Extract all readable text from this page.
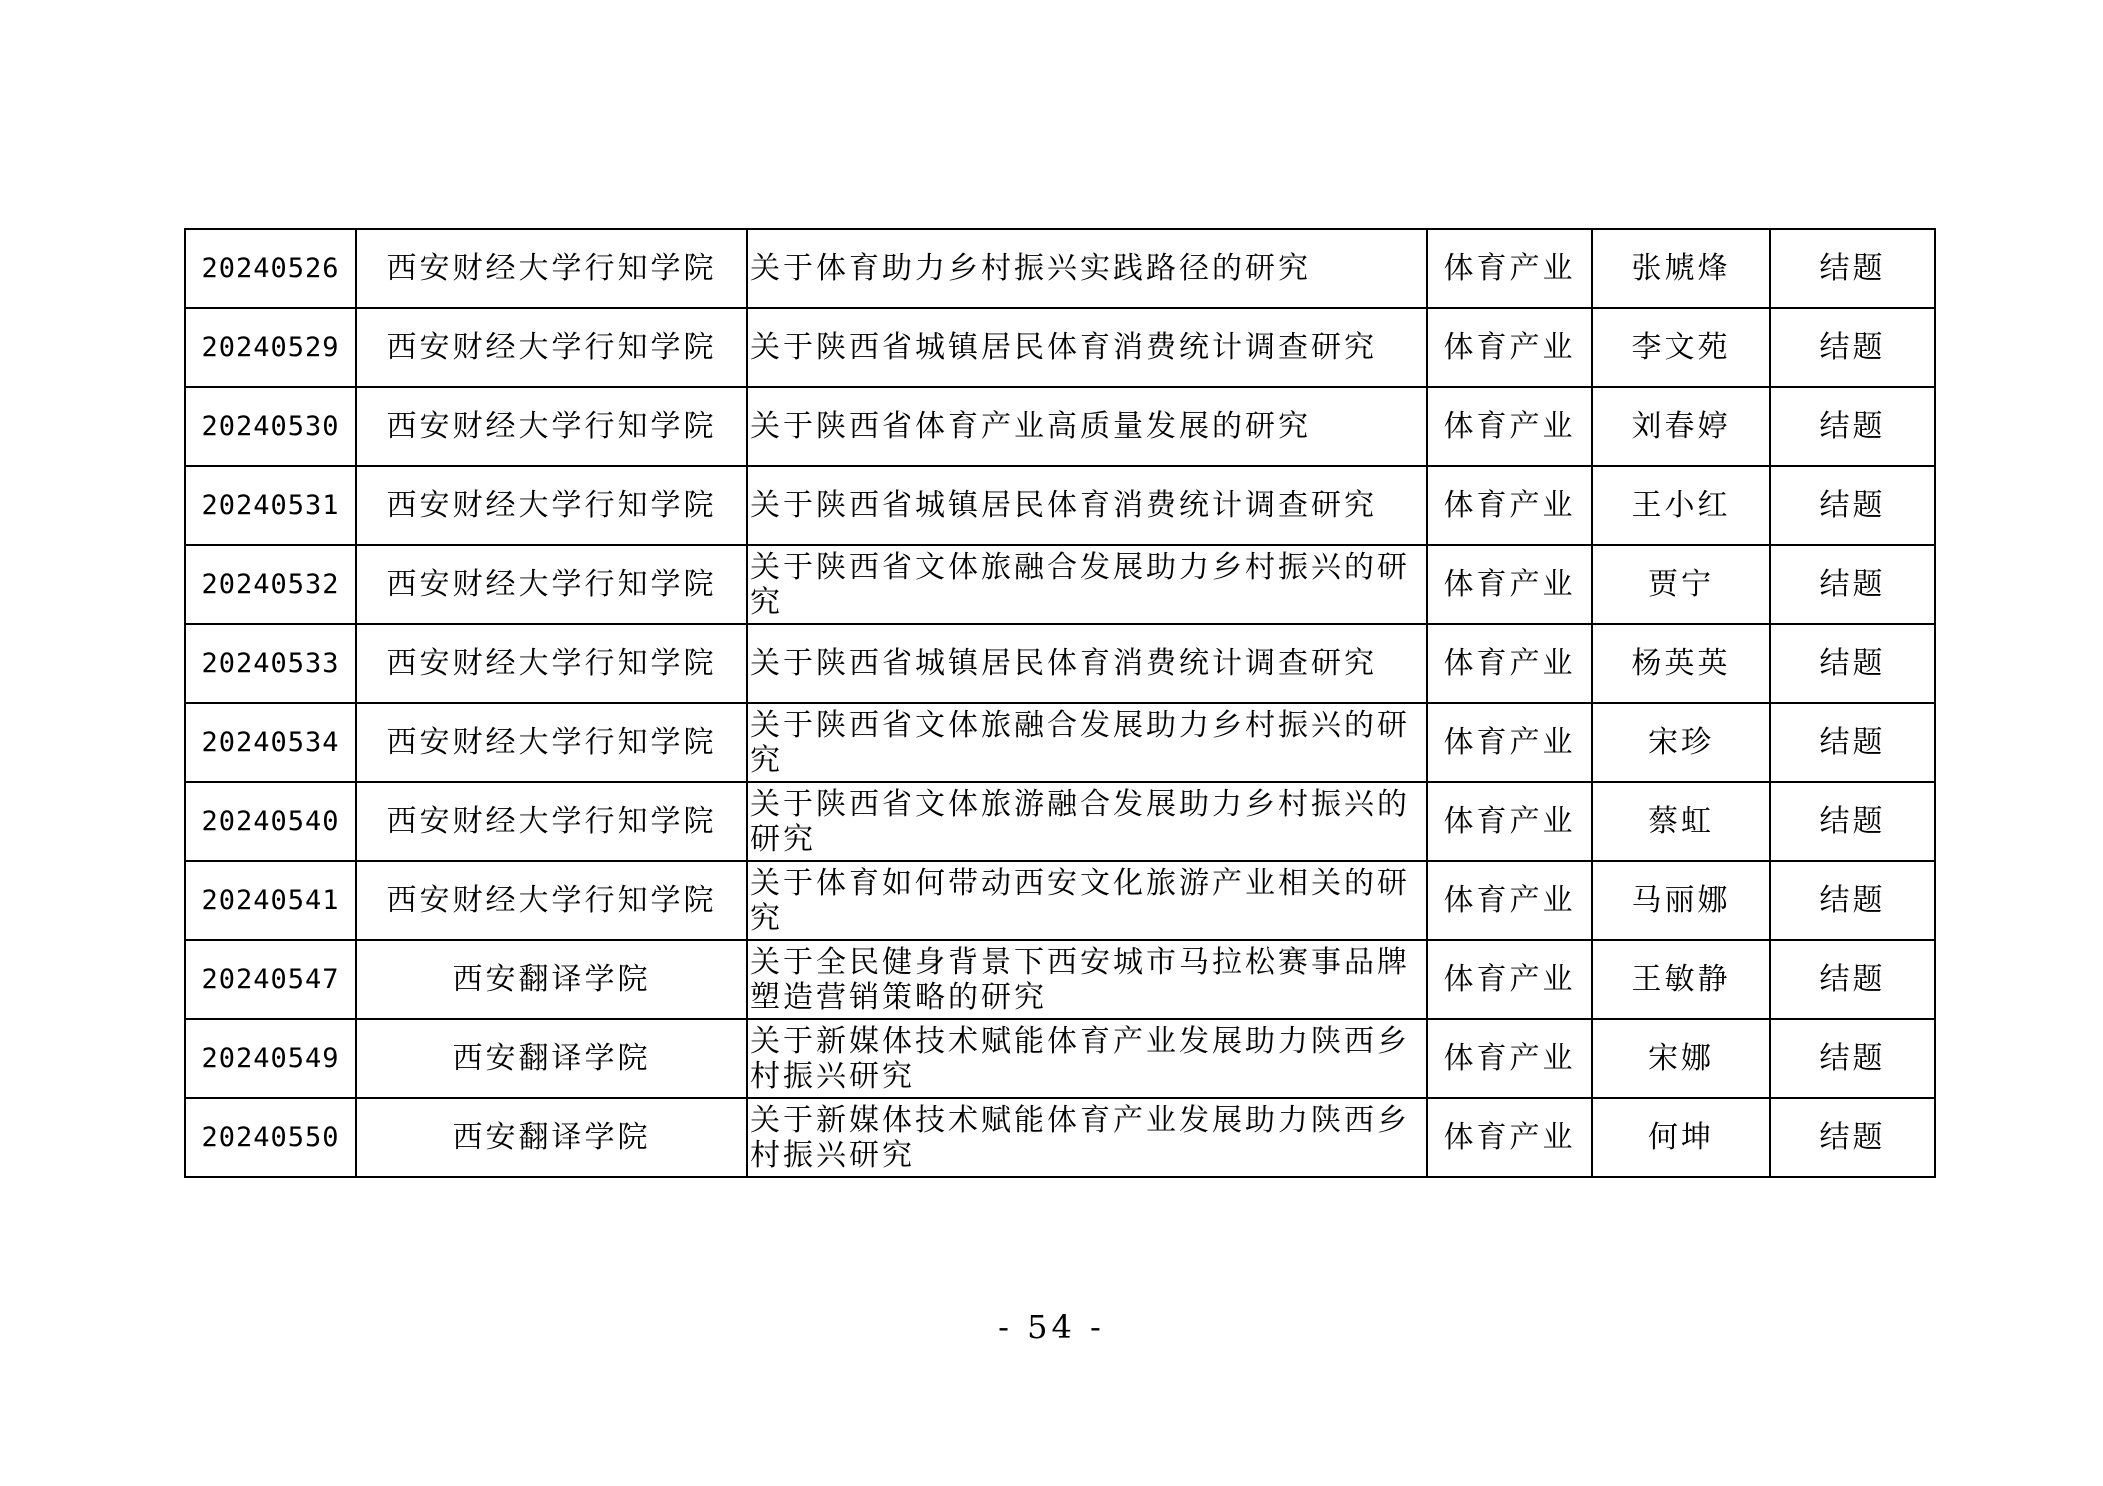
20240526	西安财经大学行知学院	关于体育助力乡村振兴实践路径的研究	体育产业	张虓烽	结题
20240529	西安财经大学行知学院	关于陕西省城镇居民体育消费统计调查研究	体育产业	李文苑	结题
20240530	西安财经大学行知学院	关于陕西省体育产业高质量发展的研究	体育产业	刘春婷	结题
20240531	西安财经大学行知学院	关于陕西省城镇居民体育消费统计调查研究	体育产业	王小红	结题
20240532	西安财经大学行知学院	关于陕西省文体旅融合发展助力乡村振兴的研究	体育产业	贾宁	结题
20240533	西安财经大学行知学院	关于陕西省城镇居民体育消费统计调查研究	体育产业	杨英英	结题
20240534	西安财经大学行知学院	关于陕西省文体旅融合发展助力乡村振兴的研究	体育产业	宋珍	结题
20240540	西安财经大学行知学院	关于陕西省文体旅游融合发展助力乡村振兴的研究	体育产业	蔡虹	结题
20240541	西安财经大学行知学院	关于体育如何带动西安文化旅游产业相关的研究	体育产业	马丽娜	结题
20240547	西安翻译学院	关于全民健身背景下西安城市马拉松赛事品牌塑造营销策略的研究	体育产业	王敏静	结题
20240549	西安翻译学院	关于新媒体技术赋能体育产业发展助力陕西乡村振兴研究	体育产业	宋娜	结题
20240550	西安翻译学院	关于新媒体技术赋能体育产业发展助力陕西乡村振兴研究	体育产业	何坤	结题
- 54 -
